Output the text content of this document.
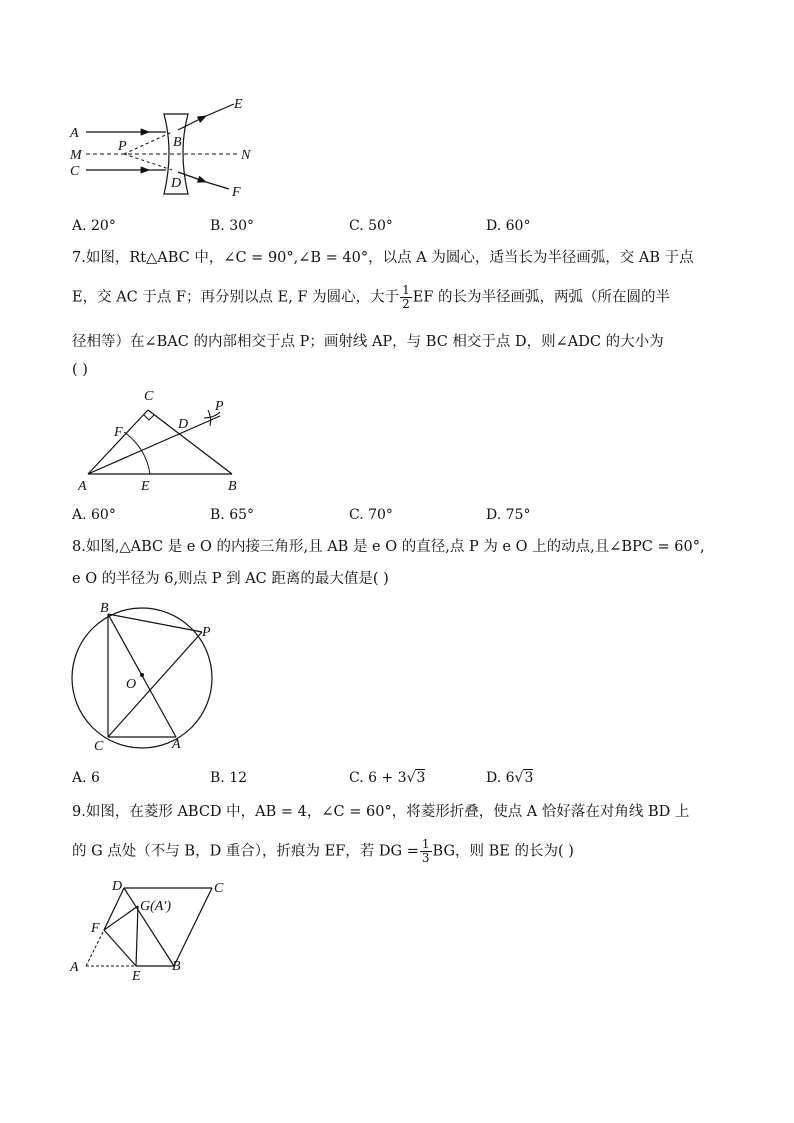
A
M
C
P	B
D
E
N
F
A. 20°	B. 30°	C. 50°	D. 60°
7.如图，Rt△ABC 中，∠C = 90°,∠B = 40°，以点 A 为圆心，适当长为半径画弧，交 AB 于点
E，交 AC 于点 F；再分别以点 E, F 为圆心，大于 $\frac{1}{2}$ EF 的长为半径画弧，两弧（所在圆的半
径相等）在∠BAC 的内部相交于点 P；画射线 AP，与 BC 相交于点 D，则∠ADC 的大小为
( )
C
P
F
D
A	E	B
A. 60°	B. 65°	C. 70°	D. 75°
8.如图,△ABC 是 e O 的内接三角形,且 AB 是 e O 的直径,点 P 为 e O 上的动点,且∠BPC = 60°,
e O 的半径为 6,则点 P 到 AC 距离的最大值是( )
B
P
O
C	A
A. 6	B. 12	C. 6 + 3√3	D. 6√3
9.如图，在菱形 ABCD 中，AB = 4，∠C = 60°，将菱形折叠，使点 A 恰好落在对角线 BD 上
的 G 点处（不与 B，D 重合），折痕为 EF，若 DG = $\frac{1}{3}$ BG，则 BE 的长为( )
D	C
G(A′)
F
A
E
B
